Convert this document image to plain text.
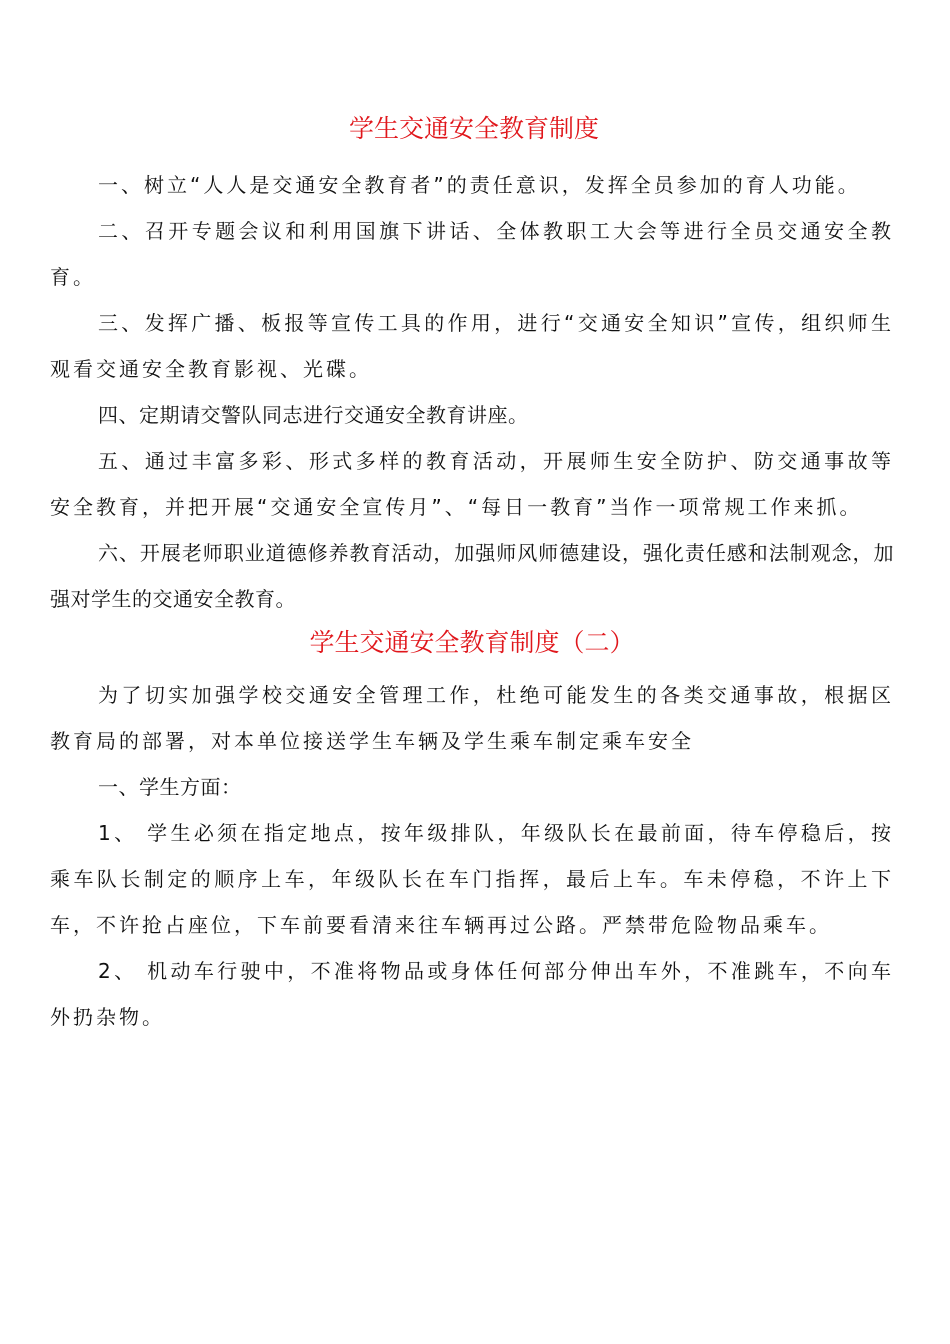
学生交通安全教育制度

一、树立“人人是交通安全教育者”的责任意识，发挥全员参加的育人功能。

二、召开专题会议和利用国旗下讲话、全体教职工大会等进行全员交通安全教育。

三、发挥广播、板报等宣传工具的作用，进行“交通安全知识”宣传，组织师生观看交通安全教育影视、光碟。

四、定期请交警队同志进行交通安全教育讲座。

五、通过丰富多彩、形式多样的教育活动，开展师生安全防护、防交通事故等安全教育，并把开展“交通安全宣传月”、“每日一教育”当作一项常规工作来抓。

六、开展老师职业道德修养教育活动，加强师风师德建设，强化责任感和法制观念，加强对学生的交通安全教育。

学生交通安全教育制度（二）

为了切实加强学校交通安全管理工作，杜绝可能发生的各类交通事故，根据区教育局的部署，对本单位接送学生车辆及学生乘车制定乘车安全

一、学生方面：

1、 学生必须在指定地点，按年级排队，年级队长在最前面，待车停稳后，按乘车队长制定的顺序上车，年级队长在车门指挥，最后上车。车未停稳，不许上下车，不许抢占座位，下车前要看清来往车辆再过公路。严禁带危险物品乘车。

2、 机动车行驶中，不准将物品或身体任何部分伸出车外，不准跳车，不向车外扔杂物。
